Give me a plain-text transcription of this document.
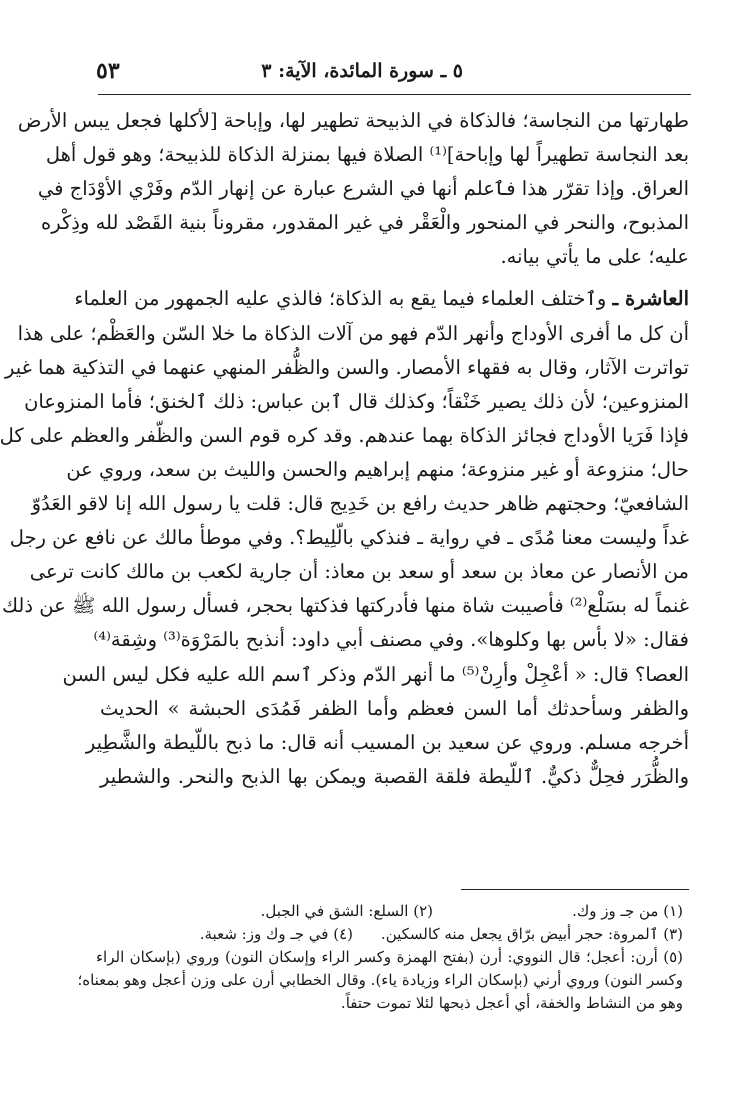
٥ ـ سورة المائدة، الآية: ٣
٥٣
طهارتها من النجاسة؛ فالذكاة في الذبيحة تطهير لها، وإباحة [لأكلها فجعل يبس الأرض
بعد النجاسة تطهيراً لها وإباحة]⁽¹⁾ الصلاة فيها بمنزلة الذكاة للذبيحة؛ وهو قول أهل
العراق. وإذا تقرّر هذا فٱعلم أنها في الشرع عبارة عن إنهار الدّم وفَرْي الأوْدَاج في
المذبوح، والنحر في المنحور والْعَقْر في غير المقدور، مقروناً بنية القَصْد لله وذِكْره
عليه؛ على ما يأتي بيانه.
العاشرة ـ وٱختلف العلماء فيما يقع به الذكاة؛ فالذي عليه الجمهور من العلماء
أن كل ما أفرى الأوداج وأنهر الدّم فهو من آلات الذكاة ما خلا السّن والعَظْم؛ على هذا
تواترت الآثار، وقال به فقهاء الأمصار. والسن والظُّفر المنهي عنهما في التذكية هما غير
المنزوعين؛ لأن ذلك يصير خَنْقاً؛ وكذلك قال ٱبن عباس: ذلك ٱلخنق؛ فأما المنزوعان
فإذا فَرَيا الأوداج فجائز الذكاة بهما عندهم. وقد كره قوم السن والظّفر والعظم على كل
حال؛ منزوعة أو غير منزوعة؛ منهم إبراهيم والحسن والليث بن سعد، وروي عن
الشافعيّ؛ وحجتهم ظاهر حديث رافع بن خَدِيج قال: قلت يا رسول الله إنا لاقو العَدُوّ
غداً وليست معنا مُدًى ـ في رواية ـ فنذكي بالّلِيط؟. وفي موطأ مالك عن نافع عن رجل
من الأنصار عن معاذ بن سعد أو سعد بن معاذ: أن جارية لكعب بن مالك كانت ترعى
غنماً له بسَلْع⁽²⁾ فأصيبت شاة منها فأدركتها فذكتها بحجر، فسأل رسول الله ﷺ عن ذلك
فقال: «لا بأس بها وكلوها». وفي مصنف أبي داود: أنذبح بالمَرْوَة⁽³⁾ وشِقة⁽⁴⁾
العصا؟ قال: « أعْجِلْ وأرِنْ⁽⁵⁾ ما أنهر الدّم وذكر ٱسم الله عليه فكل ليس السن
والظفر وسأحدثك أما السن فعظم وأما الظفر فَمُدَى الحبشة » الحديث
أخرجه مسلم. وروي عن سعيد بن المسيب أنه قال: ما ذبح باللّيطة والشَّطِير
والظُّرَر فحِلٌّ ذكيٌّ. ٱللّيطة فلقة القصبة ويمكن بها الذبح والنحر. والشطير
(١) من جـ وز وك.(٢) السلع: الشق في الجبل.
(٣) ٱلمروة: حجر أبيض برّاق يجعل منه كالسكين.(٤) في جـ وك وز: شعبة.
(٥) أرن: أعجل؛ قال النووي: أرن (بفتح الهمزة وكسر الراء وإسكان النون) وروي (بإسكان الراء
وكسر النون) وروي أرني (بإسكان الراء وزيادة ياء). وقال الخطابي أرن على وزن أعجل وهو بمعناه؛
وهو من النشاط والخفة، أي أعجل ذبحها لئلا تموت حتفاً.
